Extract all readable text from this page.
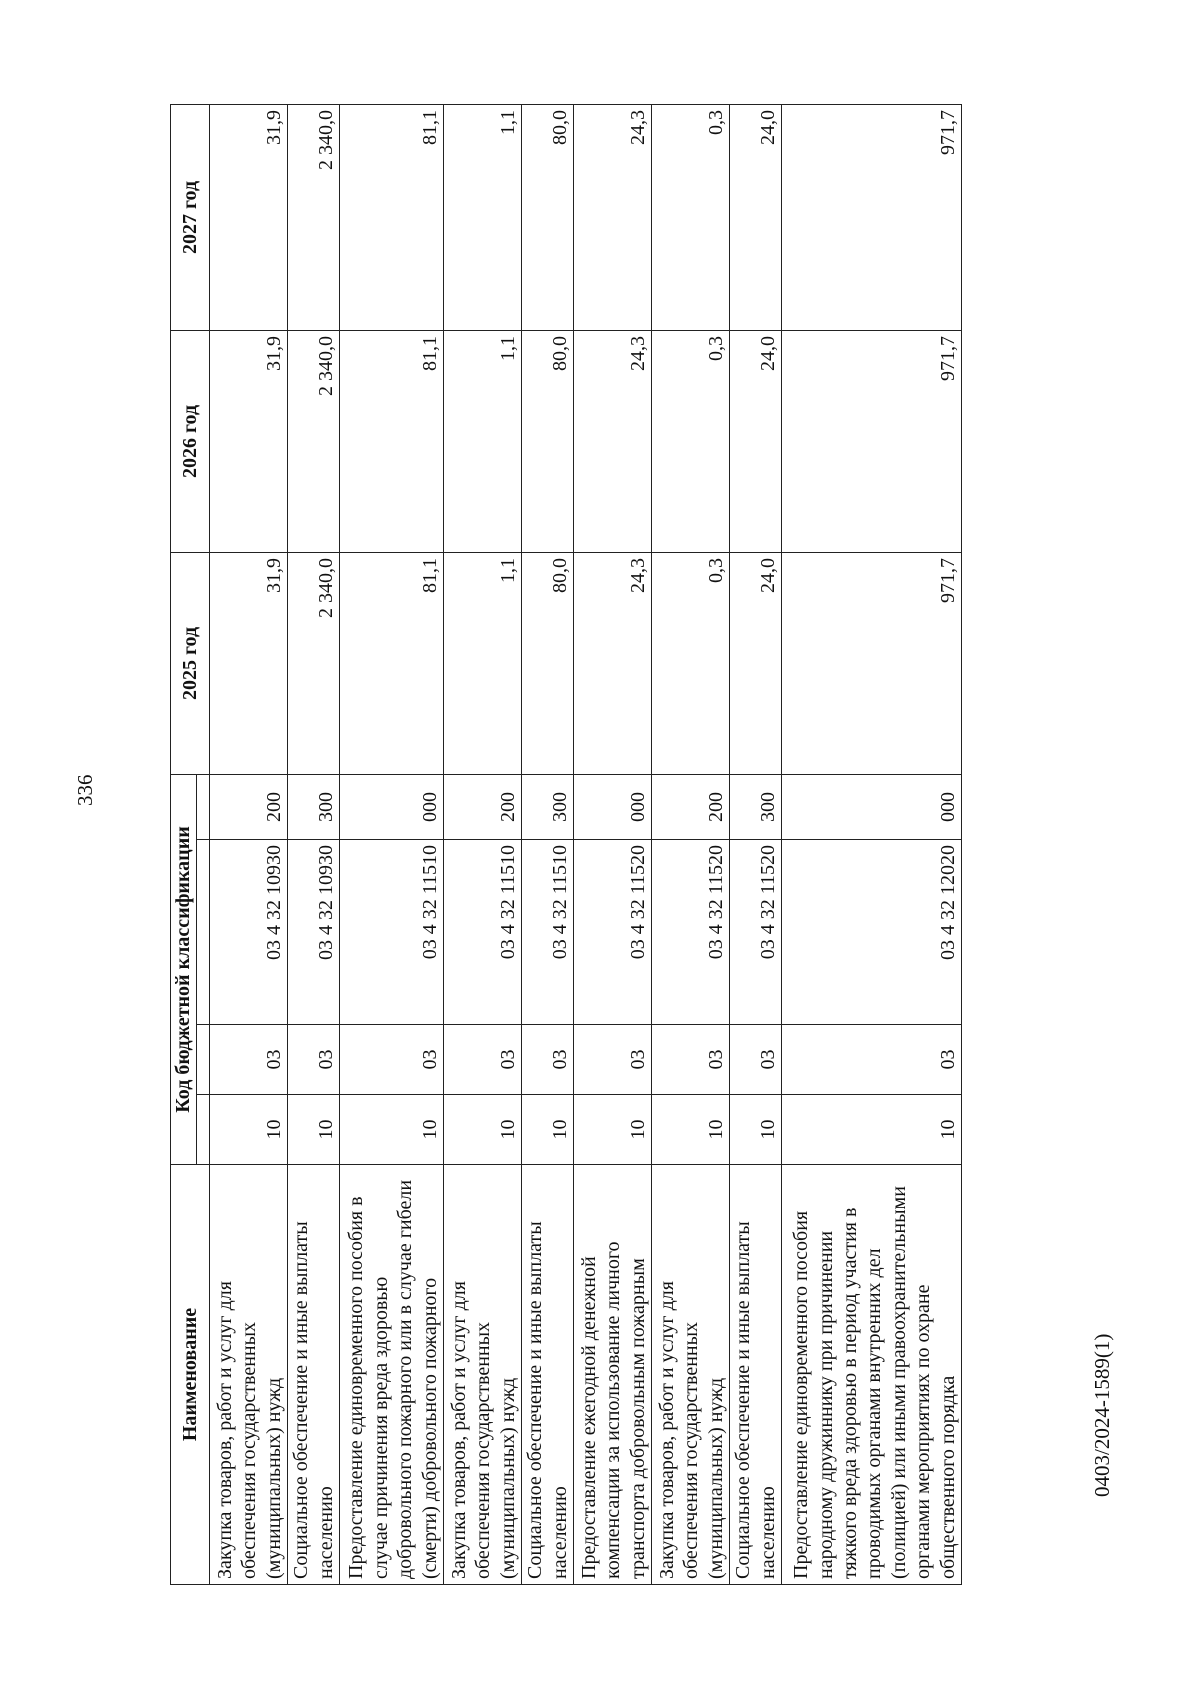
336
Наименование	Код бюджетной классификации				2025 год	2026 год	2027 год

Закупка товаров, работ и услуг для обеспечения государственных (муниципальных) нужд	10	03	03 4 32 10930	200	31,9	31,9	31,9
Социальное обеспечение и иные выплаты населению	10	03	03 4 32 10930	300	2 340,0	2 340,0	2 340,0
Предоставление единовременного пособия в случае причинения вреда здоровью добровольного пожарного или в случае гибели (смерти) добровольного пожарного	10	03	03 4 32 11510	000	81,1	81,1	81,1
Закупка товаров, работ и услуг для обеспечения государственных (муниципальных) нужд	10	03	03 4 32 11510	200	1,1	1,1	1,1
Социальное обеспечение и иные выплаты населению	10	03	03 4 32 11510	300	80,0	80,0	80,0
Предоставление ежегодной денежной компенсации за использование личного транспорта добровольным пожарным	10	03	03 4 32 11520	000	24,3	24,3	24,3
Закупка товаров, работ и услуг для обеспечения государственных (муниципальных) нужд	10	03	03 4 32 11520	200	0,3	0,3	0,3
Социальное обеспечение и иные выплаты населению	10	03	03 4 32 11520	300	24,0	24,0	24,0
Предоставление единовременного пособия народному дружиннику при причинении тяжкого вреда здоровью в период участия в проводимых органами внутренних дел (полицией) или иными правоохранительными органами мероприятиях по охране общественного порядка	10	03	03 4 32 12020	000	971,7	971,7	971,7
0403/2024-1589(1)
